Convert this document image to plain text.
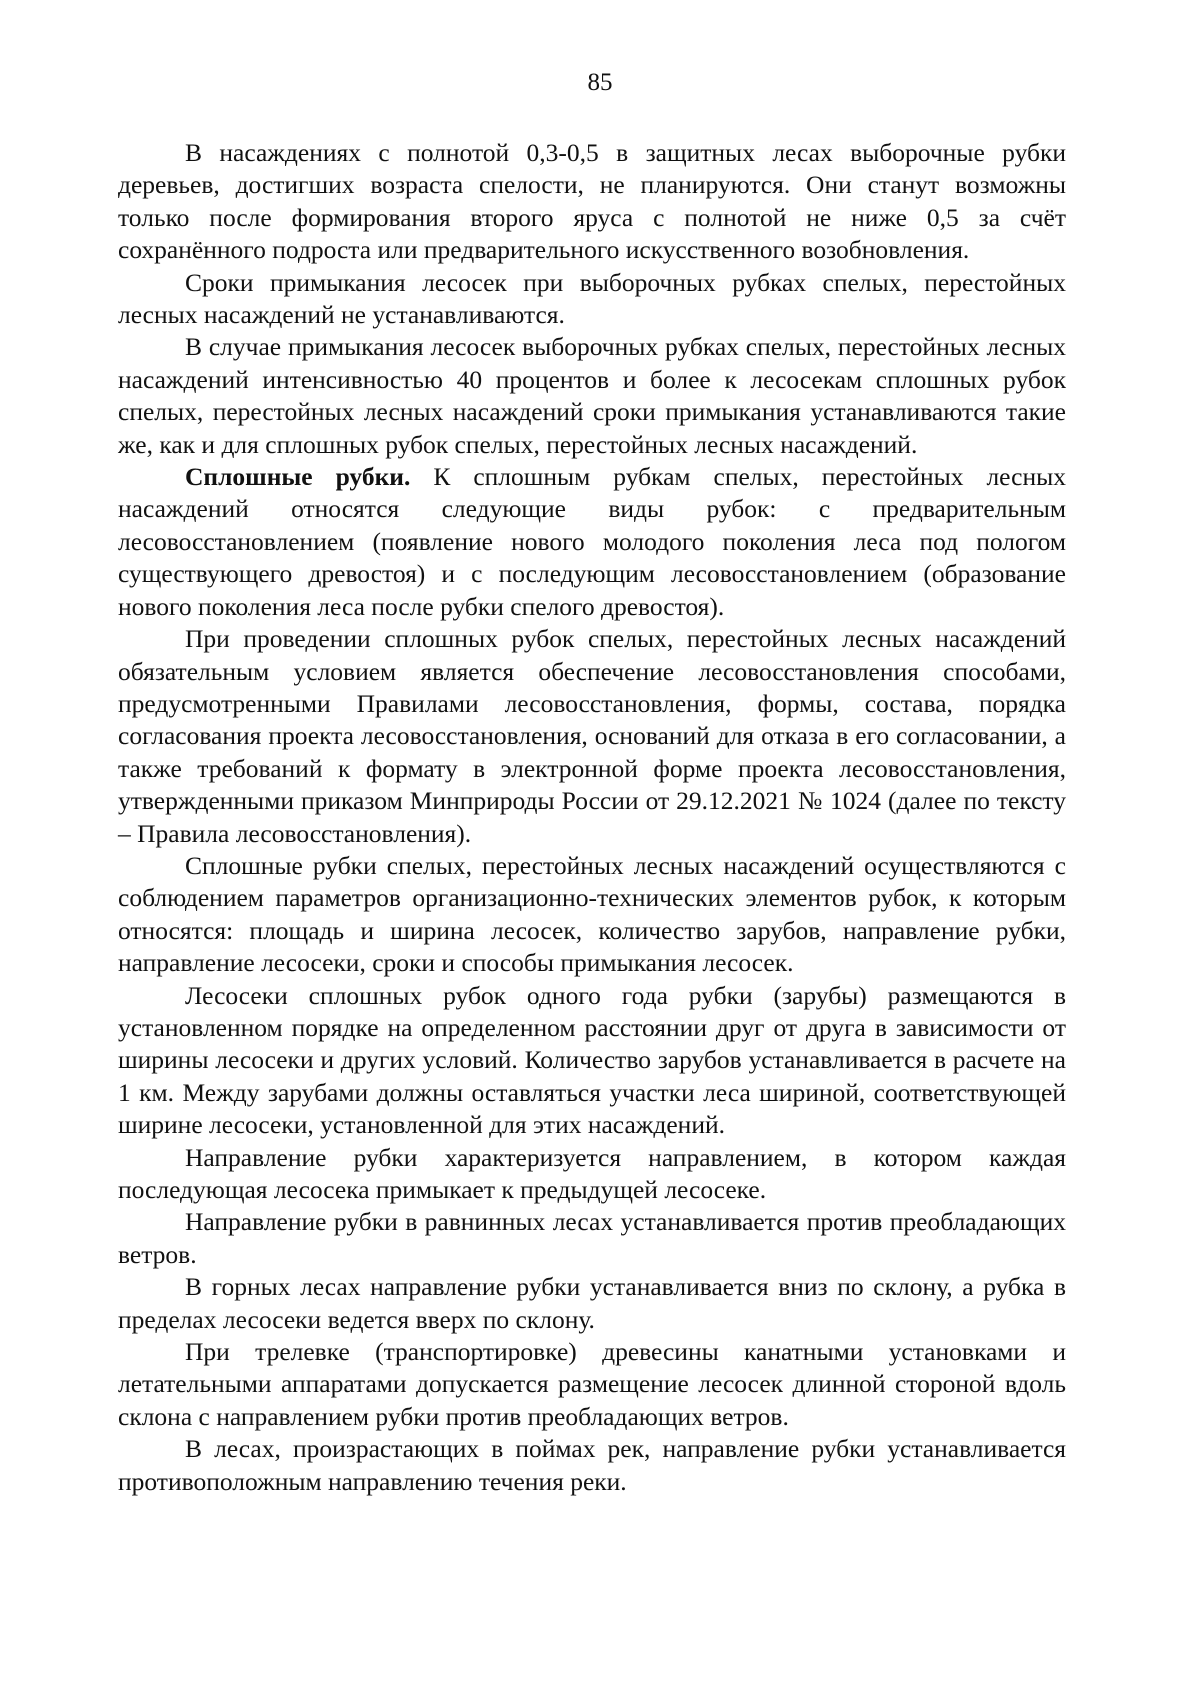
85

В насаждениях с полнотой 0,3-0,5 в защитных лесах выборочные рубки деревьев, достигших возраста спелости, не планируются. Они станут возможны только после формирования второго яруса с полнотой не ниже 0,5 за счёт сохранённого подроста или предварительного искусственного возобновления.

Сроки примыкания лесосек при выборочных рубках спелых, перестойных лесных насаждений не устанавливаются.

В случае примыкания лесосек выборочных рубках спелых, перестойных лесных насаждений интенсивностью 40 процентов и более к лесосекам сплошных рубок спелых, перестойных лесных насаждений сроки примыкания устанавливаются такие же, как и для сплошных рубок спелых, перестойных лесных насаждений.

Сплошные рубки. К сплошным рубкам спелых, перестойных лесных насаждений относятся следующие виды рубок: с предварительным лесовосстановлением (появление нового молодого поколения леса под пологом существующего древостоя) и с последующим лесовосстановлением (образование нового поколения леса после рубки спелого древостоя).

При проведении сплошных рубок спелых, перестойных лесных насаждений обязательным условием является обеспечение лесовосстановления способами, предусмотренными Правилами лесовосстановления, формы, состава, порядка согласования проекта лесовосстановления, оснований для отказа в его согласовании, а также требований к формату в электронной форме проекта лесовосстановления, утвержденными приказом Минприроды России от 29.12.2021 № 1024 (далее по тексту – Правила лесовосстановления).

Сплошные рубки спелых, перестойных лесных насаждений осуществляются с соблюдением параметров организационно-технических элементов рубок, к которым относятся: площадь и ширина лесосек, количество зарубов, направление рубки, направление лесосеки, сроки и способы примыкания лесосек.

Лесосеки сплошных рубок одного года рубки (зарубы) размещаются в установленном порядке на определенном расстоянии друг от друга в зависимости от ширины лесосеки и других условий. Количество зарубов устанавливается в расчете на 1 км. Между зарубами должны оставляться участки леса шириной, соответствующей ширине лесосеки, установленной для этих насаждений.

Направление рубки характеризуется направлением, в котором каждая последующая лесосека примыкает к предыдущей лесосеке.

Направление рубки в равнинных лесах устанавливается против преобладающих ветров.

В горных лесах направление рубки устанавливается вниз по склону, а рубка в пределах лесосеки ведется вверх по склону.

При трелевке (транспортировке) древесины канатными установками и летательными аппаратами допускается размещение лесосек длинной стороной вдоль склона с направлением рубки против преобладающих ветров.

В лесах, произрастающих в поймах рек, направление рубки устанавливается противоположным направлению течения реки.
